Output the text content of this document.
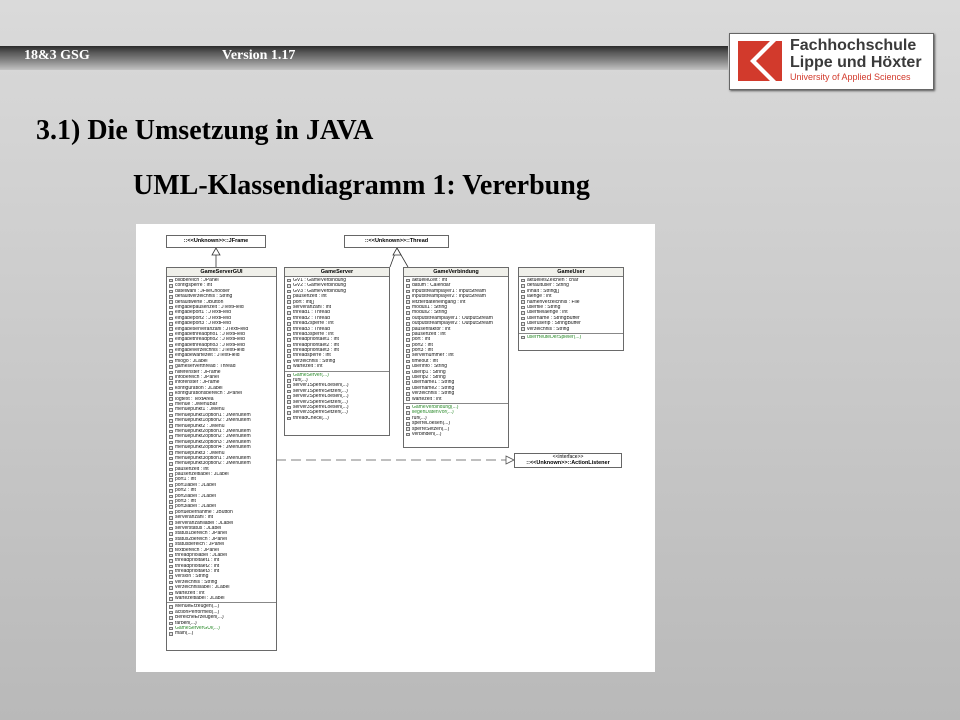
18&3 GSG	Version 1.17
Fachhochschule
Lippe und Höxter
University of Applied Sciences
3.1) Die Umsetzung in JAVA
UML-Klassendiagramm 1: Vererbung
::<<Unknown>>::JFrame	::<<Unknown>>::Thread
<<interface>>
::<<Unknown>>::ActionListener
GameServerGUI
bildbereich : JPanel
configsperre : int
dateiwahl : JFileChooser
defaultverzeichnis : String
defaultwerte : JButton
eingabepausenzeit : JTextField
eingabeport1 : JTextField
eingabeport2 : JTextField
eingabeport3 : JTextField
eingabeserveranzahl : JTextField
eingabethreadprio1 : JTextField
eingabethreadprio2 : JTextField
eingabethreadprio3 : JTextField
eingabeverzeichnis : JTextField
eingabewartezeit : JTextField
fhlogo : JLabel
gameserverthread : Thread
hilfefenster : JFrame
infobereich : JPanel
infofenster : JFrame
konfiguration : JLabel
konfigurationsbereich : JPanel
logtext : TextArea
menue : JMenuBar
menuepunkt1 : JMenu
menuepunkt1option1 : JMenuItem
menuepunkt1option2 : JMenuItem
menuepunkt2 : JMenu
menuepunkt2option1 : JMenuItem
menuepunkt2option2 : JMenuItem
menuepunkt2option3 : JMenuItem
menuepunkt2option4 : JMenuItem
menuepunkt3 : JMenu
menuepunkt3option1 : JMenuItem
menuepunkt3option2 : JMenuItem
pausenzeit : int
pausenzeitlabel : JLabel
port1 : int
port1label : JLabel
port2 : int
port2label : JLabel
port3 : int
port3label : JLabel
portuebernahme : JButton
serveranzahl : int
serveranzahllabel : JLabel
serverstatus : JLabel
status1bereich : JPanel
status2bereich : JPanel
statusbereich : JPanel
textbereich : JPanel
threadpriolabel : JLabel
threadprioitaet1 : int
threadprioitaet2 : int
threadprioitaet3 : int
version : String
verzeichnis : String
verzeichnislabel : JLabel
wartezeit : int
wartezeitlabel : JLabel
MenueErzeugen(...)
actionPerformed(...)
BereicheErzeugen(...)
farben(...)
GameServerGUI(...)
main(...)
GameServer
GV1 : GameVerbindung
GV2 : GameVerbindung
GV3 : GameVerbindung
pausenzeit : int
port : int[]
serveranzahl : int
thread1 : Thread
thread2 : Thread
thread2sperre : int
thread3 : Thread
thread3sperre : int
threadprioritaet1 : int
threadprioritaet2 : int
threadprioritaet3 : int
threadsperre : int
verzeichnis : String
wartezeit : int
GameServer(...)
run(...)
server1SperreLoesen(...)
server1SperreSetzen(...)
server2SperreLoesen(...)
server2SperreSetzen(...)
server3SperreLoesen(...)
server3SperreSetzen(...)
threadCheck(...)
GameVerbindung
aktuelleZeit : int
datum : Calendar
inputstreamplayer1 : InputStream
inputstreamplayer2 : InputStream
letzterdateneingang : int
modus1 : String
modus2 : String
outputstreamplayer1 : OutputStream
outputstreamplayer2 : OutputStream
pausenfaktor : int
pausenzeit : int
port : int
port2 : int
port3 : int
servernummer : int
timeout : int
userinfo : String
userip1 : String
userip2 : String
username1 : String
username2 : String
verzeichnis : String
wartezeit : int
GameVerbindung(...)
liegenDatenVor(...)
run(...)
sperreLoesen(...)
sperreSetzen(...)
verbinden(...)
GameUser
aktuellesZeichen : char
defaultuser : String
inhalt : String[]
laenge : int
namenverzeichnis : File
userfile : String
userfilelaenge : int
username : StringBuffer
useruserip : StringBuffer
verzeichnis : String
userHeuteDerSpieler(...)
